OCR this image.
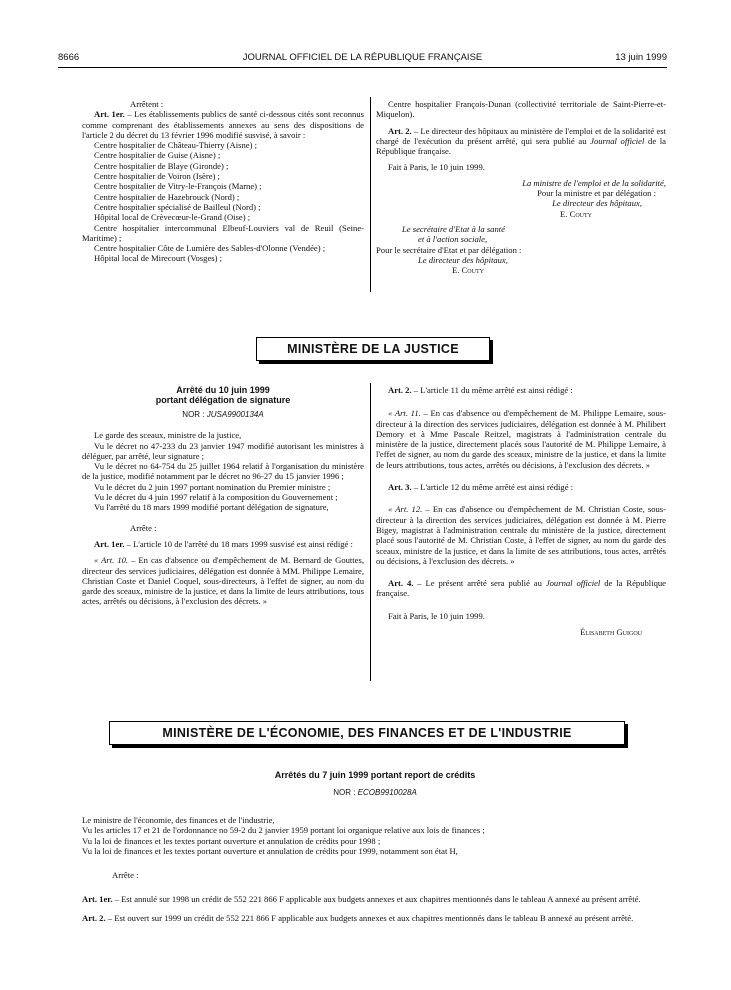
8666	JOURNAL OFFICIEL DE LA RÉPUBLIQUE FRANÇAISE	13 juin 1999

Arrêtent :

Art. 1er. – Les établissements publics de santé ci-dessous cités sont reconnus comme comprenant des établissements annexes au sens des dispositions de l'article 2 du décret du 13 février 1996 modifié susvisé, à savoir :

Centre hospitalier de Château-Thierry (Aisne) ;

Centre hospitalier de Guise (Aisne) ;

Centre hospitalier de Blaye (Gironde) ;

Centre hospitalier de Voiron (Isère) ;

Centre hospitalier de Vitry-le-François (Marne) ;

Centre hospitalier de Hazebrouck (Nord) ;

Centre hospitalier spécialisé de Bailleul (Nord) ;

Hôpital local de Crèvecœur-le-Grand (Oise) ;

Centre hospitalier intercommunal Elbeuf-Louviers val de Reuil (Seine-Maritime) ;

Centre hospitalier Côte de Lumière des Sables-d'Olonne (Vendée) ;

Hôpital local de Mirecourt (Vosges) ;

Centre hospitalier François-Dunan (collectivité territoriale de Saint-Pierre-et-Miquelon).

Art. 2. – Le directeur des hôpitaux au ministère de l'emploi et de la solidarité est chargé de l'exécution du présent arrêté, qui sera publié au Journal officiel de la République française.

Fait à Paris, le 10 juin 1999.

La ministre de l'emploi et de la solidarité,

Pour la ministre et par délégation :

Le directeur des hôpitaux,

E. Couty

Le secrétaire d'Etat à la santé

et à l'action sociale,

Pour le secrétaire d'Etat et par délégation :

Le directeur des hôpitaux,

E. Couty

MINISTÈRE DE LA JUSTICE
Arrêté du 10 juin 1999
portant délégation de signature
NOR : JUSA9900134A

Le garde des sceaux, ministre de la justice,

Vu le décret no 47-233 du 23 janvier 1947 modifié autorisant les ministres à déléguer, par arrêté, leur signature ;

Vu le décret no 64-754 du 25 juillet 1964 relatif à l'organisation du ministère de la justice, modifié notamment par le décret no 96-27 du 15 janvier 1996 ;

Vu le décret du 2 juin 1997 portant nomination du Premier ministre ;

Vu le décret du 4 juin 1997 relatif à la composition du Gouvernement ;

Vu l'arrêté du 18 mars 1999 modifié portant délégation de signature,

Arrête :

Art. 1er. – L'article 10 de l'arrêté du 18 mars 1999 susvisé est ainsi rédigé :

« Art. 10. – En cas d'absence ou d'empêchement de M. Bernard de Gouttes, directeur des services judiciaires, délégation est donnée à MM. Philippe Lemaire, Christian Coste et Daniel Coquel, sous-directeurs, à l'effet de signer, au nom du garde des sceaux, ministre de la justice, et dans la limite de leurs attributions, tous actes, arrêtés ou décisions, à l'exclusion des décrets. »

Art. 2. – L'article 11 du même arrêté est ainsi rédigé :

« Art. 11. – En cas d'absence ou d'empêchement de M. Philippe Lemaire, sous-directeur à la direction des services judiciaires, délégation est donnée à M. Philibert Demory et à Mme Pascale Reitzel, magistrats à l'administration centrale du ministère de la justice, directement placés sous l'autorité de M. Philippe Lemaire, à l'effet de signer, au nom du garde des sceaux, ministre de la justice, et dans la limite de leurs attributions, tous actes, arrêtés ou décisions, à l'exclusion des décrets. »

Art. 3. – L'article 12 du même arrêté est ainsi rédigé :

« Art. 12. – En cas d'absence ou d'empêchement de M. Christian Coste, sous-directeur à la direction des services judiciaires, délégation est donnée à M. Pierre Bigey, magistrat à l'administration centrale du ministère de la justice, directement placé sous l'autorité de M. Christian Coste, à l'effet de signer, au nom du garde des sceaux, ministre de la justice, et dans la limite de ses attributions, tous actes, arrêtés ou décisions, à l'exclusion des décrets. »

Art. 4. – Le présent arrêté sera publié au Journal officiel de la République française.

Fait à Paris, le 10 juin 1999.

Élisabeth Guigou

MINISTÈRE DE L'ÉCONOMIE, DES FINANCES ET DE L'INDUSTRIE
Arrêtés du 7 juin 1999 portant report de crédits
NOR : ECOB9910028A

Le ministre de l'économie, des finances et de l'industrie,

Vu les articles 17 et 21 de l'ordonnance no 59-2 du 2 janvier 1959 portant loi organique relative aux lois de finances ;

Vu la loi de finances et les textes portant ouverture et annulation de crédits pour 1998 ;

Vu la loi de finances et les textes portant ouverture et annulation de crédits pour 1999, notamment son état H,

Arrête :

Art. 1er. – Est annulé sur 1998 un crédit de 552 221 866 F applicable aux budgets annexes et aux chapitres mentionnés dans le tableau A annexé au présent arrêté.

Art. 2. – Est ouvert sur 1999 un crédit de 552 221 866 F applicable aux budgets annexes et aux chapitres mentionnés dans le tableau B annexé au présent arrêté.
